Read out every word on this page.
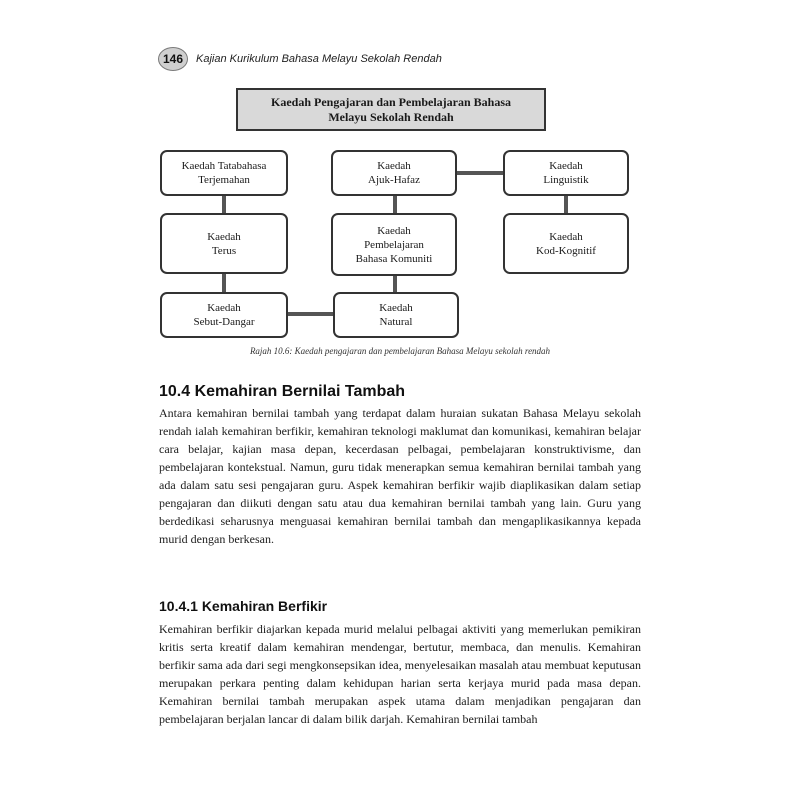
146 Kajian Kurikulum Bahasa Melayu Sekolah Rendah
Kaedah Pengajaran dan Pembelajaran Bahasa
Melayu Sekolah Rendah
Kaedah Tatabahasa
Terjemahan
Kaedah
Ajuk-Hafaz
Kaedah
Linguistik
Kaedah
Terus
Kaedah
Pembelajaran
Bahasa Komuniti
Kaedah
Kod-Kognitif
Kaedah
Sebut-Dangar
Kaedah
Natural
Rajah 10.6: Kaedah pengajaran dan pembelajaran Bahasa Melayu sekolah rendah
10.4 Kemahiran Bernilai Tambah
Antara kemahiran bernilai tambah yang terdapat dalam huraian sukatan Bahasa Melayu sekolah rendah ialah kemahiran berfikir, kemahiran teknologi maklumat dan komunikasi, kemahiran belajar cara belajar, kajian masa depan, kecerdasan pelbagai, pembelajaran konstruktivisme, dan pembelajaran kontekstual. Namun, guru tidak menerapkan semua kemahiran bernilai tambah yang ada dalam satu sesi pengajaran guru. Aspek kemahiran berfikir wajib diaplikasikan dalam setiap pengajaran dan diikuti dengan satu atau dua kemahiran bernilai tambah yang lain. Guru yang berdedikasi seharusnya menguasai kemahiran bernilai tambah dan mengaplikasikannya kepada murid dengan berkesan.
10.4.1 Kemahiran Berfikir
Kemahiran berfikir diajarkan kepada murid melalui pelbagai aktiviti yang memerlukan pemikiran kritis serta kreatif dalam kemahiran mendengar, bertutur, membaca, dan menulis. Kemahiran berfikir sama ada dari segi mengkonsepsikan idea, menyelesaikan masalah atau membuat keputusan merupakan perkara penting dalam kehidupan harian serta kerjaya murid pada masa depan. Kemahiran bernilai tambah merupakan aspek utama dalam menjadikan pengajaran dan pembelajaran berjalan lancar di dalam bilik darjah. Kemahiran bernilai tambah
